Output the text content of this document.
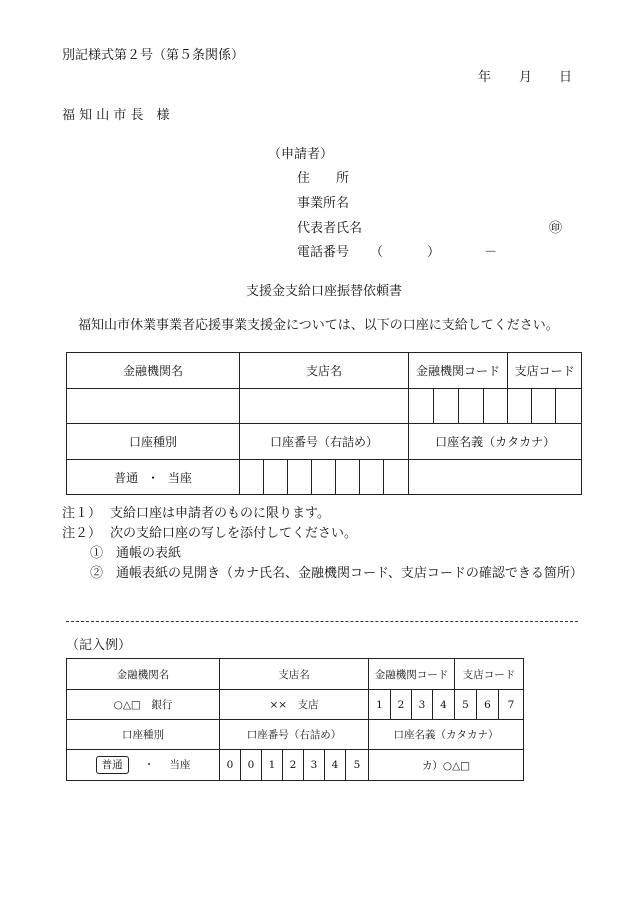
別記様式第２号（第５条関係）
年 月 日
福 知 山 市 長　様
（申請者）
住　　所
事業所名
代表者氏名	㊞
電話番号 （	）	－
支援金支給口座振替依頼書
福知山市休業事業者応援事業支援金については、以下の口座に支給してください。
金融機関名	支店名							金融機関コード				支店コード		

口座種別	口座番号（右詰め）							口座名義（カタカナ）						
普通 ・ 当座														
注１） 支給口座は申請者のものに限ります。
注２） 次の支給口座の写しを添付してください。
①　通帳の表紙
②　通帳表紙の見開き（カナ氏名、金融機関コード、支店コードの確認できる箇所）
（記入例）
金融機関名	支店名							金融機関コード				支店コード		
○△□　銀行	××　支店							1	2	3	4	5	6	7
口座種別	口座番号（右詰め）							口座名義（カタカナ）						
普通 ・ 当座	0	0	1	2	3	4	5	カ）○△□						
